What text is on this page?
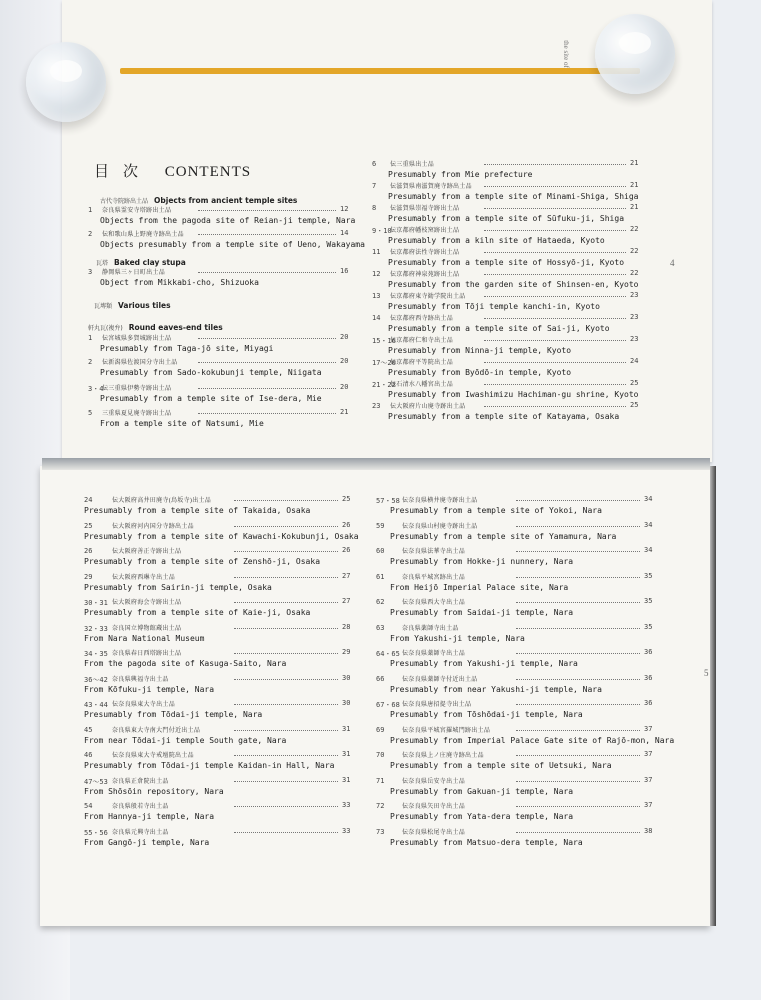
the site of
4
目次 CONTENTS
古代寺院跡出土品 Objects from ancient temple sites
瓦塔 Baked clay stupa
瓦塼類 Various tiles
軒丸瓦(複弁) Round eaves-end tiles
5
1 奈良県霊安寺塔跡出土品	12
Objects from the pagoda site of Reian-ji temple, Nara
2 伝和歌山県上野廃寺跡出土品	14
Objects presumably from a temple site of Ueno, Wakayama
3 静岡県三ヶ日町出土品	16
Object from Mikkabi-cho, Shizuoka
1 伝宮城県多賀城跡出土品	20
Presumably from Taga-jō site, Miyagi
2 伝新潟県佐渡国分寺出土品	20
Presumably from Sado-kokubunji temple, Niigata
3・4
伝三重県伊勢寺跡出土品	20
Presumably from a temple site of Ise-dera, Mie
5 三重県夏見廃寺跡出土品	21
From a temple site of Natsumi, Mie
6 伝三重県出土品	21
Presumably from Mie prefecture
7 伝滋賀県南滋賀廃寺跡出土品	21
Presumably from a temple site of Minami-Shiga, Shiga
8 伝滋賀県崇福寺跡出土品	21
Presumably from a temple site of Sūfuku-ji, Shiga
9・10
伝京都府幡枝窯跡出土品	22
Presumably from a kiln site of Hataeda, Kyoto
11 伝京都府法性寺跡出土品	22
Presumably from a temple site of Hossyō-ji, Kyoto
12 伝京都府神泉苑跡出土品	22
Presumably from the garden site of Shinsen-en, Kyoto
13 伝京都府東寺勧学院出土品	23
Presumably from Tōji temple kanchi-in, Kyoto
14 伝京都府西寺跡出土品	23
Presumably from a temple site of Sai-ji, Kyoto
15・16
伝京都府仁和寺出土品	23
Presumably from Ninna-ji temple, Kyoto
17〜20
伝京都府平等院出土品	24
Presumably from Byōdō-in temple, Kyoto
21・22
伝石清水八幡宮出土品	25
Presumably from Iwashimizu Hachiman-gu shrine, Kyoto
23 伝大阪府片山廃寺跡出土品	25
Presumably from a temple site of Katayama, Osaka
24	伝大阪府高井田廃寺(鳥坂寺)出土品	25
Presumably from a temple site of Takaida, Osaka
25	伝大阪府河内国分寺跡出土品	26
Presumably from a temple site of Kawachi-Kokubunji, Osaka
26	伝大阪府善正寺跡出土品	26
Presumably from a temple site of Zenshō-ji, Osaka
29	伝大阪府西琳寺出土品	27
Presumably from Sairin-ji temple, Osaka
30・31 伝大阪府海会寺跡出土品	27
Presumably from a temple site of Kaie-ji, Osaka
32・33 奈良国立博物館蔵出土品	28
From Nara National Museum
34・35 奈良県春日西塔跡出土品	29
From the pagoda site of Kasuga-Saito, Nara
36〜42 奈良県興福寺出土品	30
From Kōfuku-ji temple, Nara
43・44 伝奈良県東大寺出土品	30
Presumably from Tōdai-ji temple, Nara
45	奈良県東大寺南大門付近出土品	31
From near Tōdai-ji temple South gate, Nara
46	伝奈良県東大寺戒壇院出土品	31
Presumably from Tōdai-ji temple Kaidan-in Hall, Nara
47〜53 奈良県正倉院出土品	31
From Shōsōin repository, Nara
54	奈良県般若寺出土品	33
From Hannya-ji temple, Nara
55・56 奈良県元興寺出土品	33
From Gangō-ji temple, Nara
57・58 伝奈良県横井廃寺跡出土品	34
Presumably from a temple site of Yokoi, Nara
59	伝奈良県山村廃寺跡出土品	34
Presumably from a temple site of Yamamura, Nara
60	伝奈良県法華寺出土品	34
Presumably from Hokke-ji nunnery, Nara
61	奈良県平城宮跡出土品	35
From Heijō Imperial Palace site, Nara
62	伝奈良県西大寺出土品	35
Presumably from Saidai-ji temple, Nara
63	奈良県薬師寺出土品	35
From Yakushi-ji temple, Nara
64・65 伝奈良県薬師寺出土品	36
Presumably from Yakushi-ji temple, Nara
66	伝奈良県薬師寺付近出土品	36
Presumably from near Yakushi-ji temple, Nara
67・68 伝奈良県唐招提寺出土品	36
Presumably from Tōshōdai-ji temple, Nara
69	伝奈良県平城宮羅城門跡出土品	37
Presumably from Imperial Palace Gate site of Rajō-mon, Nara
70	伝奈良県上ノ庄廃寺跡出土品	37
Presumably from a temple site of Uetsuki, Nara
71	伝奈良県岳安寺出土品	37
Presumably from Gakuan-ji temple, Nara
72	伝奈良県矢田寺出土品	37
Presumably from Yata-dera temple, Nara
73	伝奈良県松尾寺出土品	38
Presumably from Matsuo-dera temple, Nara
